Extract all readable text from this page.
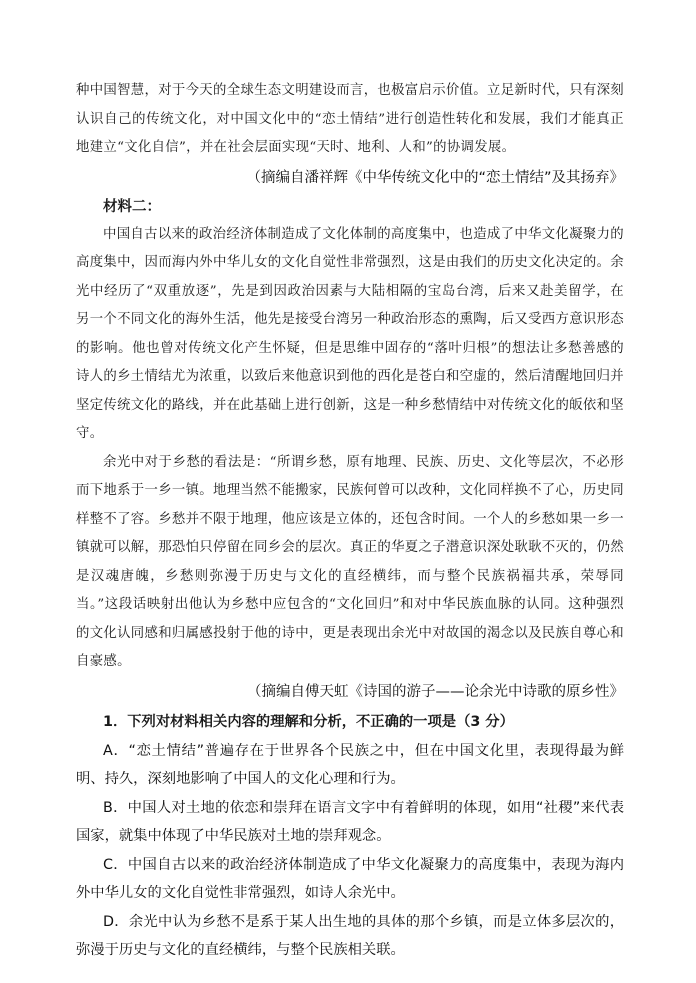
种中国智慧，对于今天的全球生态文明建设而言，也极富启示价值。立足新时代，只有深刻认识自己的传统文化，对中国文化中的“恋土情结”进行创造性转化和发展，我们才能真正地建立“文化自信”，并在社会层面实现“天时、地利、人和”的协调发展。

（摘编自潘祥辉《中华传统文化中的“恋土情结”及其扬弃》

材料二：

中国自古以来的政治经济体制造成了文化体制的高度集中，也造成了中华文化凝聚力的高度集中，因而海内外中华儿女的文化自觉性非常强烈，这是由我们的历史文化决定的。余光中经历了“双重放逐”，先是到因政治因素与大陆相隔的宝岛台湾，后来又赴美留学，在另一个不同文化的海外生活，他先是接受台湾另一种政治形态的熏陶，后又受西方意识形态的影响。他也曾对传统文化产生怀疑，但是思维中固存的“落叶归根”的想法让多愁善感的诗人的乡土情结尤为浓重，以致后来他意识到他的西化是苍白和空虚的，然后清醒地回归并坚定传统文化的路线，并在此基础上进行创新，这是一种乡愁情结中对传统文化的皈依和坚守。

余光中对于乡愁的看法是：“所谓乡愁，原有地理、民族、历史、文化等层次，不必形而下地系于一乡一镇。地理当然不能搬家，民族何曾可以改种，文化同样换不了心，历史同样整不了容。乡愁并不限于地理，他应该是立体的，还包含时间。一个人的乡愁如果一乡一镇就可以解，那恐怕只停留在同乡会的层次。真正的华夏之子潜意识深处耿耿不灭的，仍然是汉魂唐魄，乡愁则弥漫于历史与文化的直经横纬，而与整个民族祸福共承，荣辱同当。”这段话映射出他认为乡愁中应包含的“文化回归”和对中华民族血脉的认同。这种强烈的文化认同感和归属感投射于他的诗中，更是表现出余光中对故国的渴念以及民族自尊心和自豪感。

（摘编自傅天虹《诗国的游子——论余光中诗歌的原乡性》

1．下列对材料相关内容的理解和分析，不正确的一项是（3 分）

A．“恋土情结”普遍存在于世界各个民族之中，但在中国文化里，表现得最为鲜明、持久，深刻地影响了中国人的文化心理和行为。

B．中国人对土地的依恋和崇拜在语言文字中有着鲜明的体现，如用“社稷”来代表国家，就集中体现了中华民族对土地的崇拜观念。

C．中国自古以来的政治经济体制造成了中华文化凝聚力的高度集中，表现为海内外中华儿女的文化自觉性非常强烈，如诗人余光中。

D．余光中认为乡愁不是系于某人出生地的具体的那个乡镇，而是立体多层次的，弥漫于历史与文化的直经横纬，与整个民族相关联。
